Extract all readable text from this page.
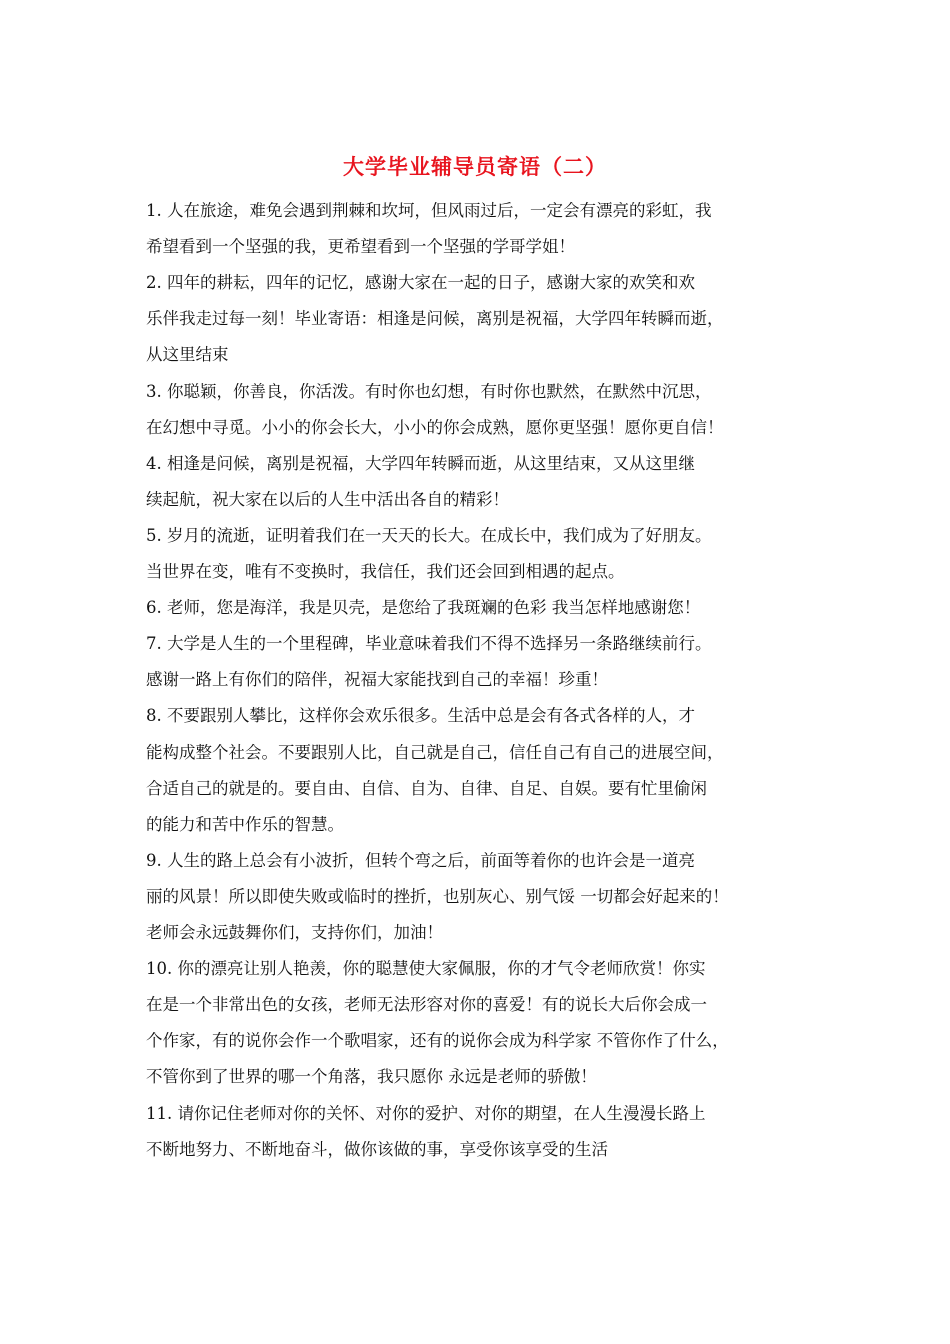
大学毕业辅导员寄语（二）
1. 人在旅途，难免会遇到荆棘和坎坷，但风雨过后，一定会有漂亮的彩虹，我
希望看到一个坚强的我，更希望看到一个坚强的学哥学姐！
2. 四年的耕耘，四年的记忆，感谢大家在一起的日子，感谢大家的欢笑和欢
乐伴我走过每一刻！毕业寄语：相逢是问候，离别是祝福，大学四年转瞬而逝，
从这里结束
3. 你聪颖，你善良，你活泼。有时你也幻想，有时你也默然，在默然中沉思，
在幻想中寻觅。小小的你会长大，小小的你会成熟，愿你更坚强！愿你更自信！
4. 相逢是问候，离别是祝福，大学四年转瞬而逝，从这里结束，又从这里继
续起航，祝大家在以后的人生中活出各自的精彩！
5. 岁月的流逝，证明着我们在一天天的长大。在成长中，我们成为了好朋友。
当世界在变，唯有不变换时，我信任，我们还会回到相遇的起点。
6. 老师，您是海洋，我是贝壳，是您给了我斑斓的色彩 我当怎样地感谢您！
7. 大学是人生的一个里程碑，毕业意味着我们不得不选择另一条路继续前行。
感谢一路上有你们的陪伴，祝福大家能找到自己的幸福！珍重！
8. 不要跟别人攀比，这样你会欢乐很多。生活中总是会有各式各样的人，才
能构成整个社会。不要跟别人比，自己就是自己，信任自己有自己的进展空间，
合适自己的就是的。要自由、自信、自为、自律、自足、自娱。要有忙里偷闲
的能力和苦中作乐的智慧。
9. 人生的路上总会有小波折，但转个弯之后，前面等着你的也许会是一道亮
丽的风景！所以即使失败或临时的挫折，也别灰心、别气馁 一切都会好起来的！
老师会永远鼓舞你们，支持你们，加油！
10. 你的漂亮让别人艳羡，你的聪慧使大家佩服，你的才气令老师欣赏！你实
在是一个非常出色的女孩，老师无法形容对你的喜爱！有的说长大后你会成一
个作家，有的说你会作一个歌唱家，还有的说你会成为科学家 不管你作了什么，
不管你到了世界的哪一个角落，我只愿你 永远是老师的骄傲！
11. 请你记住老师对你的关怀、对你的爱护、对你的期望，在人生漫漫长路上
不断地努力、不断地奋斗，做你该做的事，享受你该享受的生活
